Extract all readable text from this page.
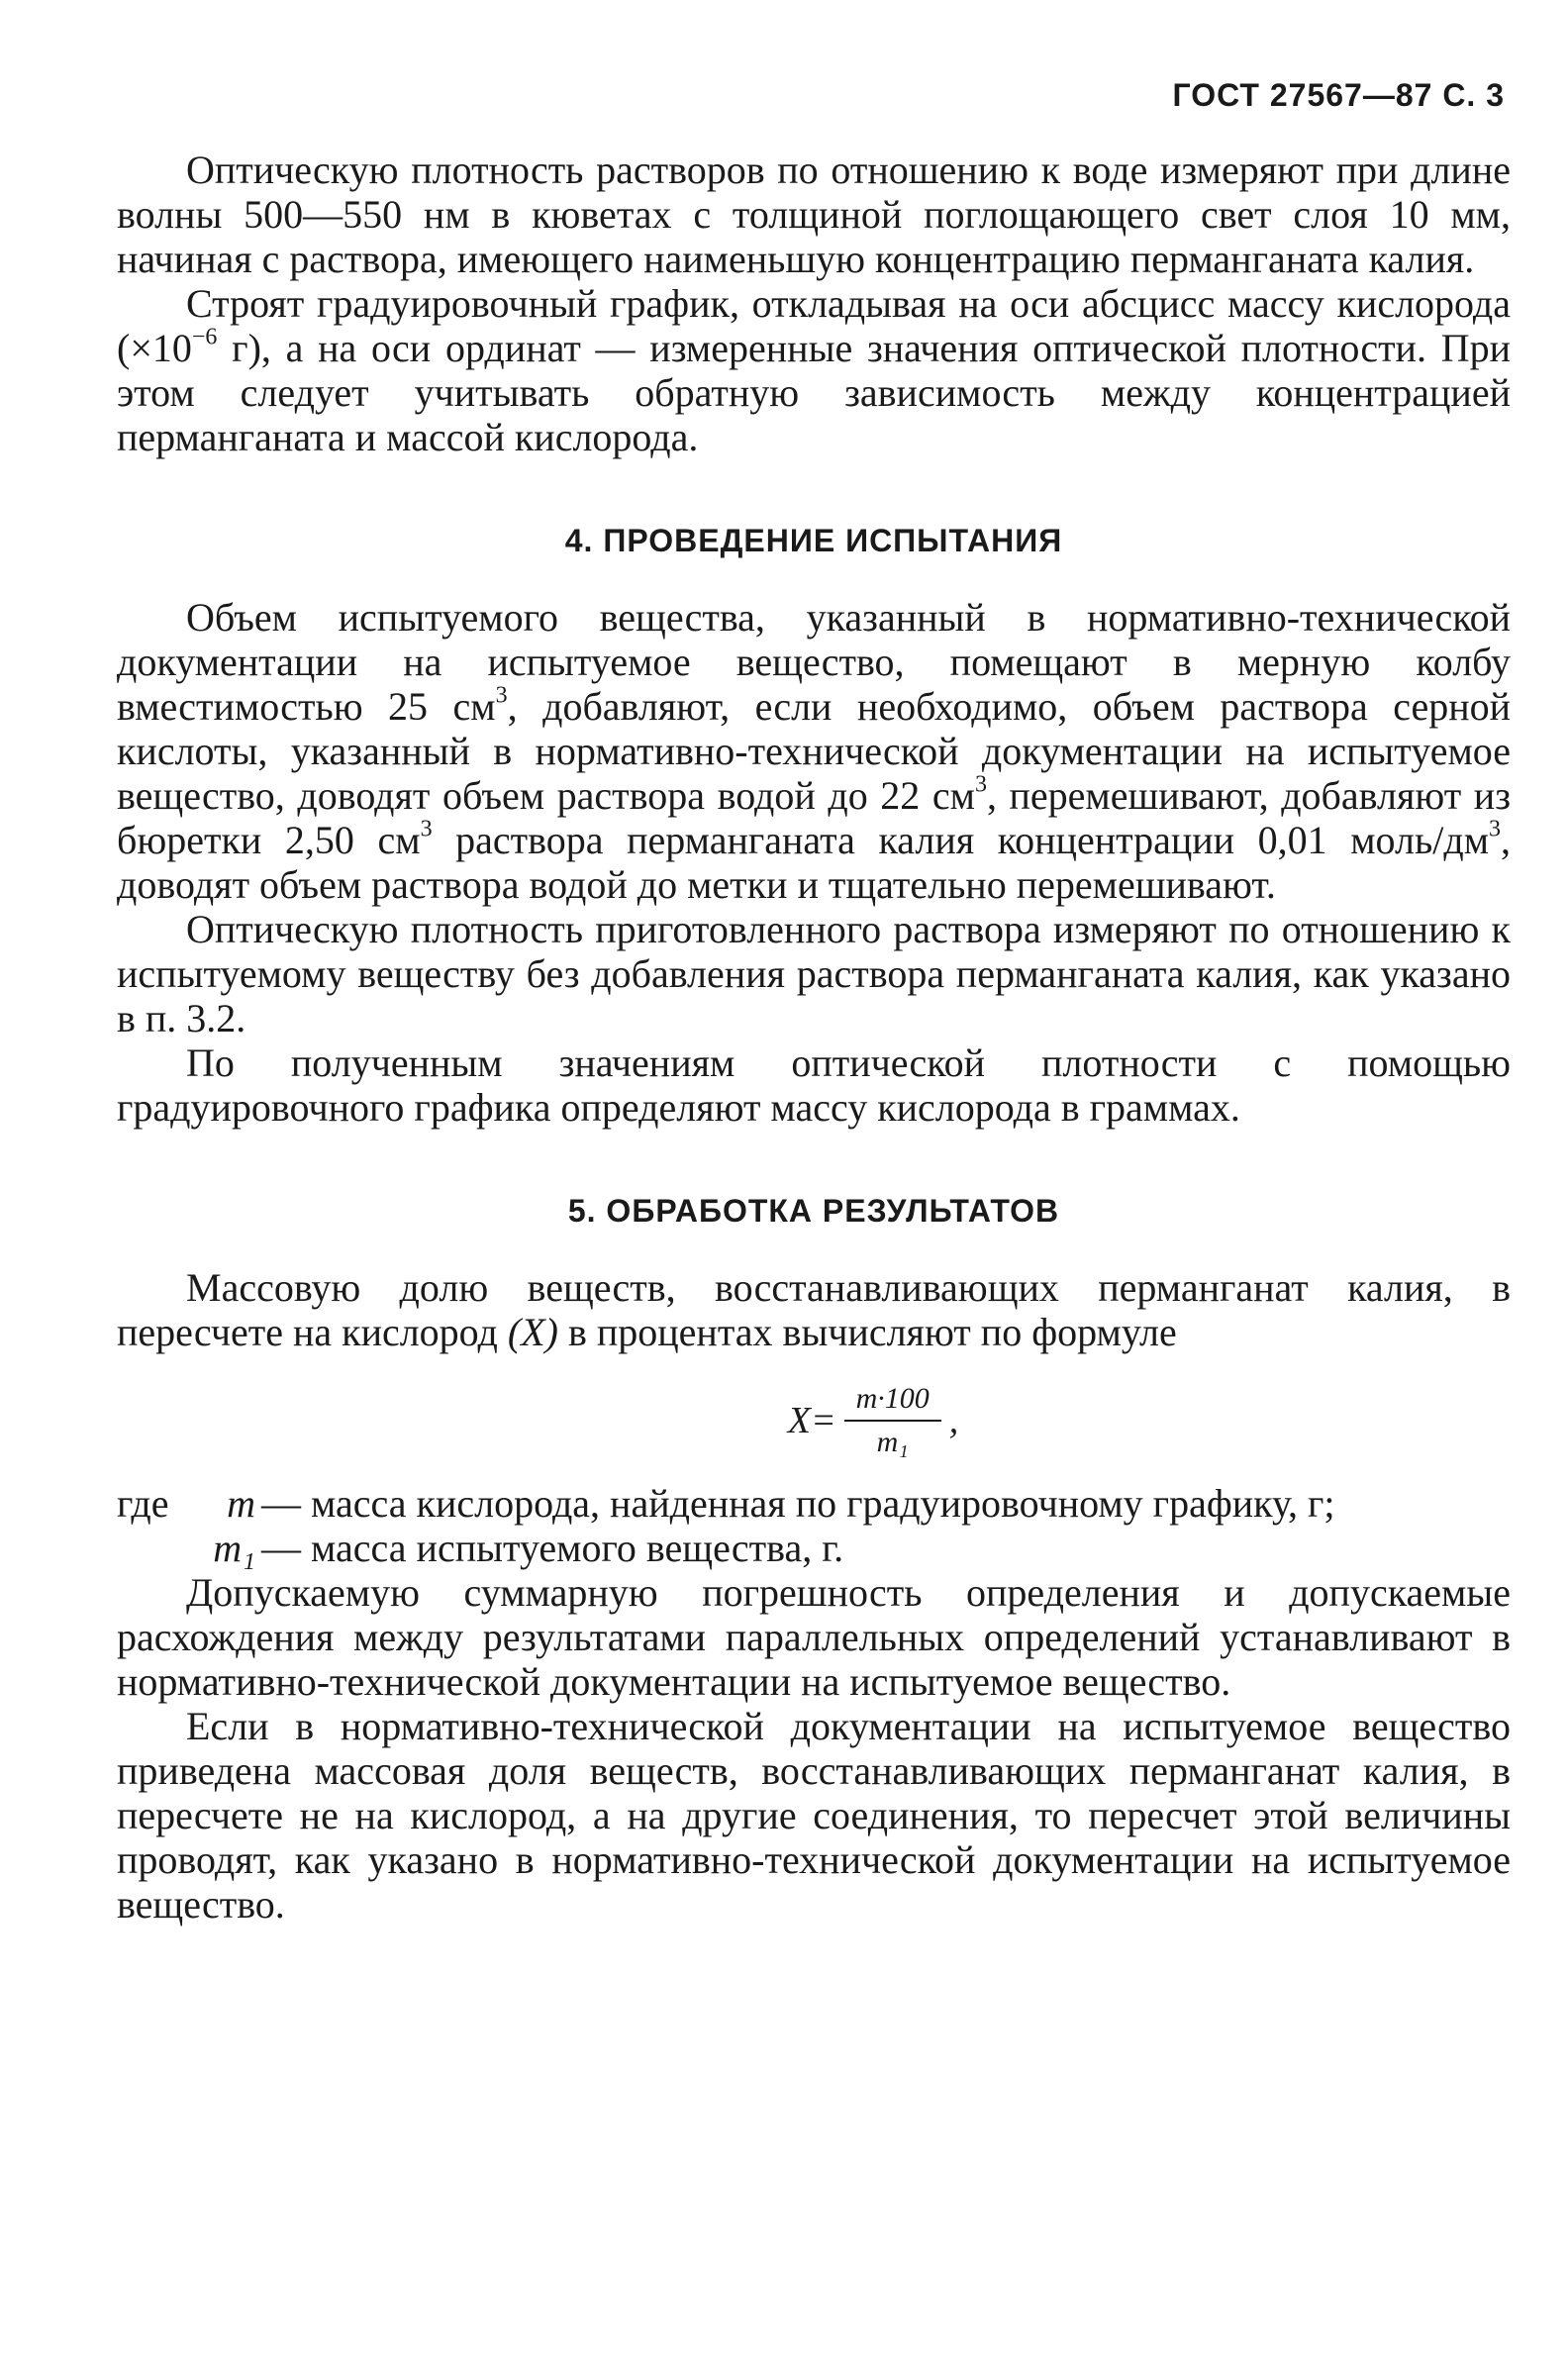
ГОСТ 27567—87 С. 3

Оптическую плотность растворов по отношению к воде измеряют при длине волны 500—550 нм в кюветах с толщиной поглощающего свет слоя 10 мм, начиная с раствора, имеющего наименьшую концентрацию перманганата калия.

Строят градуировочный график, откладывая на оси абсцисс массу кислорода ($\times 10^{-6}$ г), а на оси ординат — измеренные значения оптической плотности. При этом следует учитывать обратную зависимость между концентрацией перманганата и массой кислорода.

4. ПРОВЕДЕНИЕ ИСПЫТАНИЯ

Объем испытуемого вещества, указанный в нормативно-технической документации на испытуемое вещество, помещают в мерную колбу вместимостью 25 $см^3$, добавляют, если необходимо, объем раствора серной кислоты, указанный в нормативно-технической документации на испытуемое вещество, доводят объем раствора водой до 22 $см^3$, перемешивают, добавляют из бюретки 2,50 $см^3$ раствора перманганата калия концентрации 0,01 моль/$дм^3$, доводят объем раствора водой до метки и тщательно перемешивают.

Оптическую плотность приготовленного раствора измеряют по отношению к испытуемому веществу без добавления раствора перманганата калия, как указано в п. 3.2.

По полученным значениям оптической плотности с помощью градуировочного графика определяют массу кислорода в граммах.

5. ОБРАБОТКА РЕЗУЛЬТАТОВ

Массовую долю веществ, восстанавливающих перманганат калия, в пересчете на кислород (X) в процентах вычисляют по формуле

$X= \frac{m\cdot 100}{\text{m₁}}$ ,
где	m — масса кислорода, найденная по градуировочному графику, г;
m₁ — масса испытуемого вещества, г.

Допускаемую суммарную погрешность определения и допускаемые расхождения между результатами параллельных определений устанавливают в нормативно-технической документации на испытуемое вещество.

Если в нормативно-технической документации на испытуемое вещество приведена массовая доля веществ, восстанавливающих перманганат калия, в пересчете не на кислород, а на другие соединения, то пересчет этой величины проводят, как указано в нормативно-технической документации на испытуемое вещество.
